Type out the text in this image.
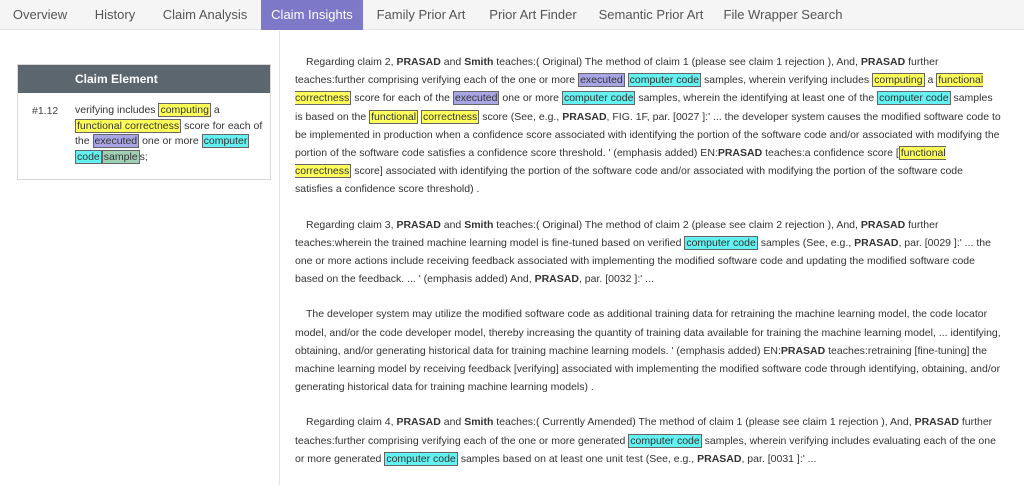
Overview	History	Claim Analysis	Claim Insights	Family Prior Art	Prior Art Finder	Semantic Prior Art	File Wrapper Search
Claim Element
#1.12 verifying includes computing a functional correctness score for each of the executed one or more computer code sample s;

Regarding claim 2, PRASAD and Smith teaches:( Original) The method of claim 1 (please see claim 1 rejection ), And, PRASAD further teaches:further comprising verifying each of the one or more executed computer code samples, wherein verifying includes computing a functional correctness score for each of the executed one or more computer code samples, wherein the identifying at least one of the computer code samples is based on the functional correctness score (See, e.g., PRASAD, FIG. 1F, par. [0027 ]:' ... the developer system causes the modified software code to be implemented in production when a confidence score associated with identifying the portion of the software code and/or associated with modifying the portion of the software code satisfies a confidence score threshold. ' (emphasis added) EN:PRASAD teaches:a confidence score [ functional correctness score] associated with identifying the portion of the software code and/or associated with modifying the portion of the software code satisfies a confidence score threshold) .

Regarding claim 3, PRASAD and Smith teaches:( Original) The method of claim 2 (please see claim 2 rejection ), And, PRASAD further teaches:wherein the trained machine learning model is fine-tuned based on verified computer code samples (See, e.g., PRASAD, par. [0029 ]:' ... the one or more actions include receiving feedback associated with implementing the modified software code and updating the modified software code based on the feedback. ... ' (emphasis added) And, PRASAD, par. [0032 ]:' ...

The developer system may utilize the modified software code as additional training data for retraining the machine learning model, the code locator model, and/or the code developer model, thereby increasing the quantity of training data available for training the machine learning model, ... identifying, obtaining, and/or generating historical data for training machine learning models. ' (emphasis added) EN:PRASAD teaches:retraining [fine-tuning] the machine learning model by receiving feedback [verifying] associated with implementing the modified software code through identifying, obtaining, and/or generating historical data for training machine learning models) .

Regarding claim 4, PRASAD and Smith teaches:( Currently Amended) The method of claim 1 (please see claim 1 rejection ), And, PRASAD further teaches:further comprising verifying each of the one or more generated computer code samples, wherein verifying includes evaluating each of the one or more generated computer code samples based on at least one unit test (See, e.g., PRASAD, par. [0031 ]:' ...
